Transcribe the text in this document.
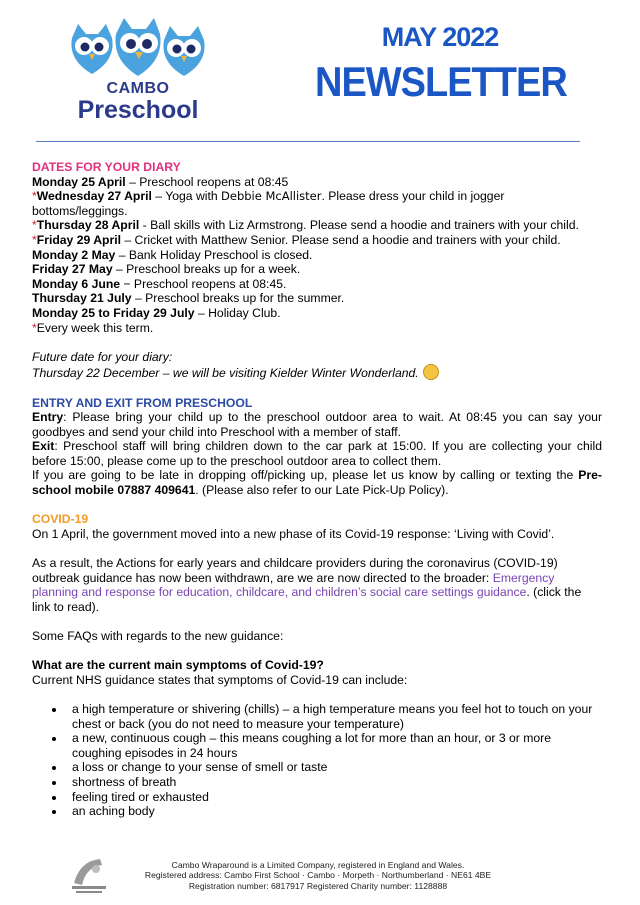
CAMBO
Preschool
MAY 2022
NEWSLETTER
DATES FOR YOUR DIARY
Monday 25 April – Preschool reopens at 08:45
*Wednesday 27 April – Yoga with Debbie McAllister. Please dress your child in jogger bottoms/leggings.
*Thursday 28 April - Ball skills with Liz Armstrong. Please send a hoodie and trainers with your child.
*Friday 29 April – Cricket with Matthew Senior. Please send a hoodie and trainers with your child.
Monday 2 May – Bank Holiday Preschool is closed.
Friday 27 May – Preschool breaks up for a week.
Monday 6 June − Preschool reopens at 08:45.
Thursday 21 July – Preschool breaks up for the summer.
Monday 25 to Friday 29 July – Holiday Club.
*Every week this term.
Future date for your diary:
Thursday 22 December – we will be visiting Kielder Winter Wonderland.
ENTRY AND EXIT FROM PRESCHOOL
Entry: Please bring your child up to the preschool outdoor area to wait. At 08:45 you can say your goodbyes and send your child into Preschool with a member of staff.
Exit: Preschool staff will bring children down to the car park at 15:00. If you are collecting your child before 15:00, please come up to the preschool outdoor area to collect them.
If you are going to be late in dropping off/picking up, please let us know by calling or texting the Pre-school mobile 07887 409641. (Please also refer to our Late Pick-Up Policy).
COVID-19
On 1 April, the government moved into a new phase of its Covid-19 response: ‘Living with Covid’.
As a result, the Actions for early years and childcare providers during the coronavirus (COVID-19) outbreak guidance has now been withdrawn, are we are now directed to the broader: Emergency planning and response for education, childcare, and children’s social care settings guidance. (click the link to read).
Some FAQs with regards to the new guidance:
What are the current main symptoms of Covid-19?
Current NHS guidance states that symptoms of Covid-19 can include:
• a high temperature or shivering (chills) – a high temperature means you feel hot to touch on your chest or back (you do not need to measure your temperature)
• a new, continuous cough – this means coughing a lot for more than an hour, or 3 or more coughing episodes in 24 hours
• a loss or change to your sense of smell or taste
• shortness of breath
• feeling tired or exhausted
• an aching body
Cambo Wraparound is a Limited Company, registered in England and Wales.
Registered address: Cambo First School · Cambo · Morpeth · Northumberland · NE61 4BE
Registration number: 6817917 Registered Charity number: 1128888
